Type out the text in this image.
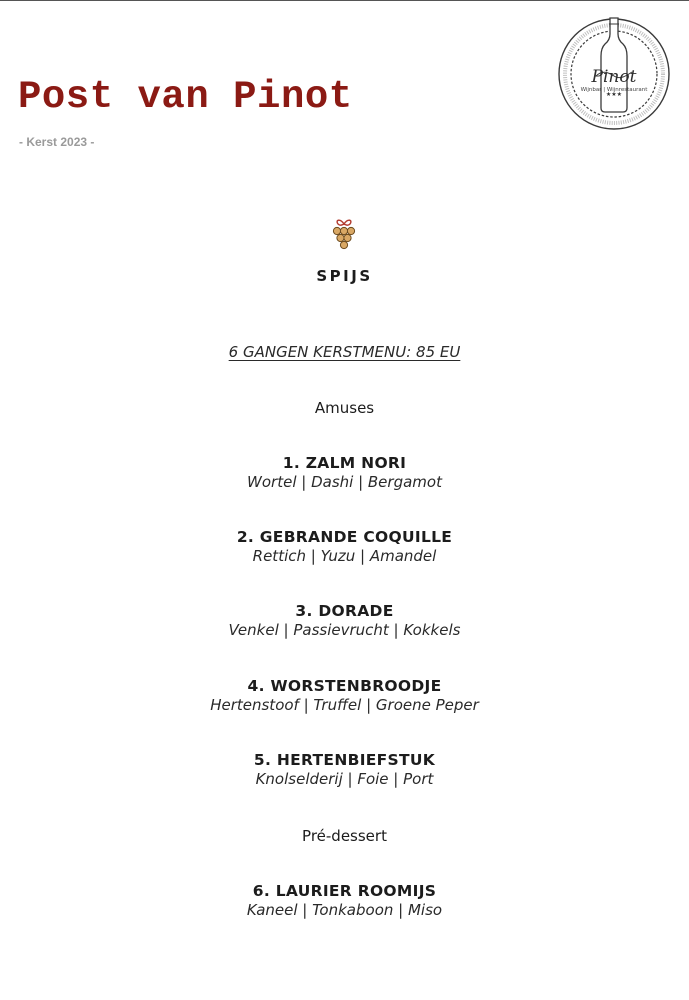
Post van Pinot
- Kerst 2023 -
Pinot
★★★
Wijnbar | Wijnrestaurant
SPIJS
6 GANGEN KERSTMENU: 85 EU
Amuses
1. ZALM NORI
Wortel | Dashi | Bergamot
2. GEBRANDE COQUILLE
Rettich | Yuzu | Amandel
3. DORADE
Venkel | Passievrucht | Kokkels
4. WORSTENBROODJE
Hertenstoof | Truffel | Groene Peper
5. HERTENBIEFSTUK
Knolselderij | Foie | Port
Pré-dessert
6. LAURIER ROOMIJS
Kaneel | Tonkaboon | Miso
